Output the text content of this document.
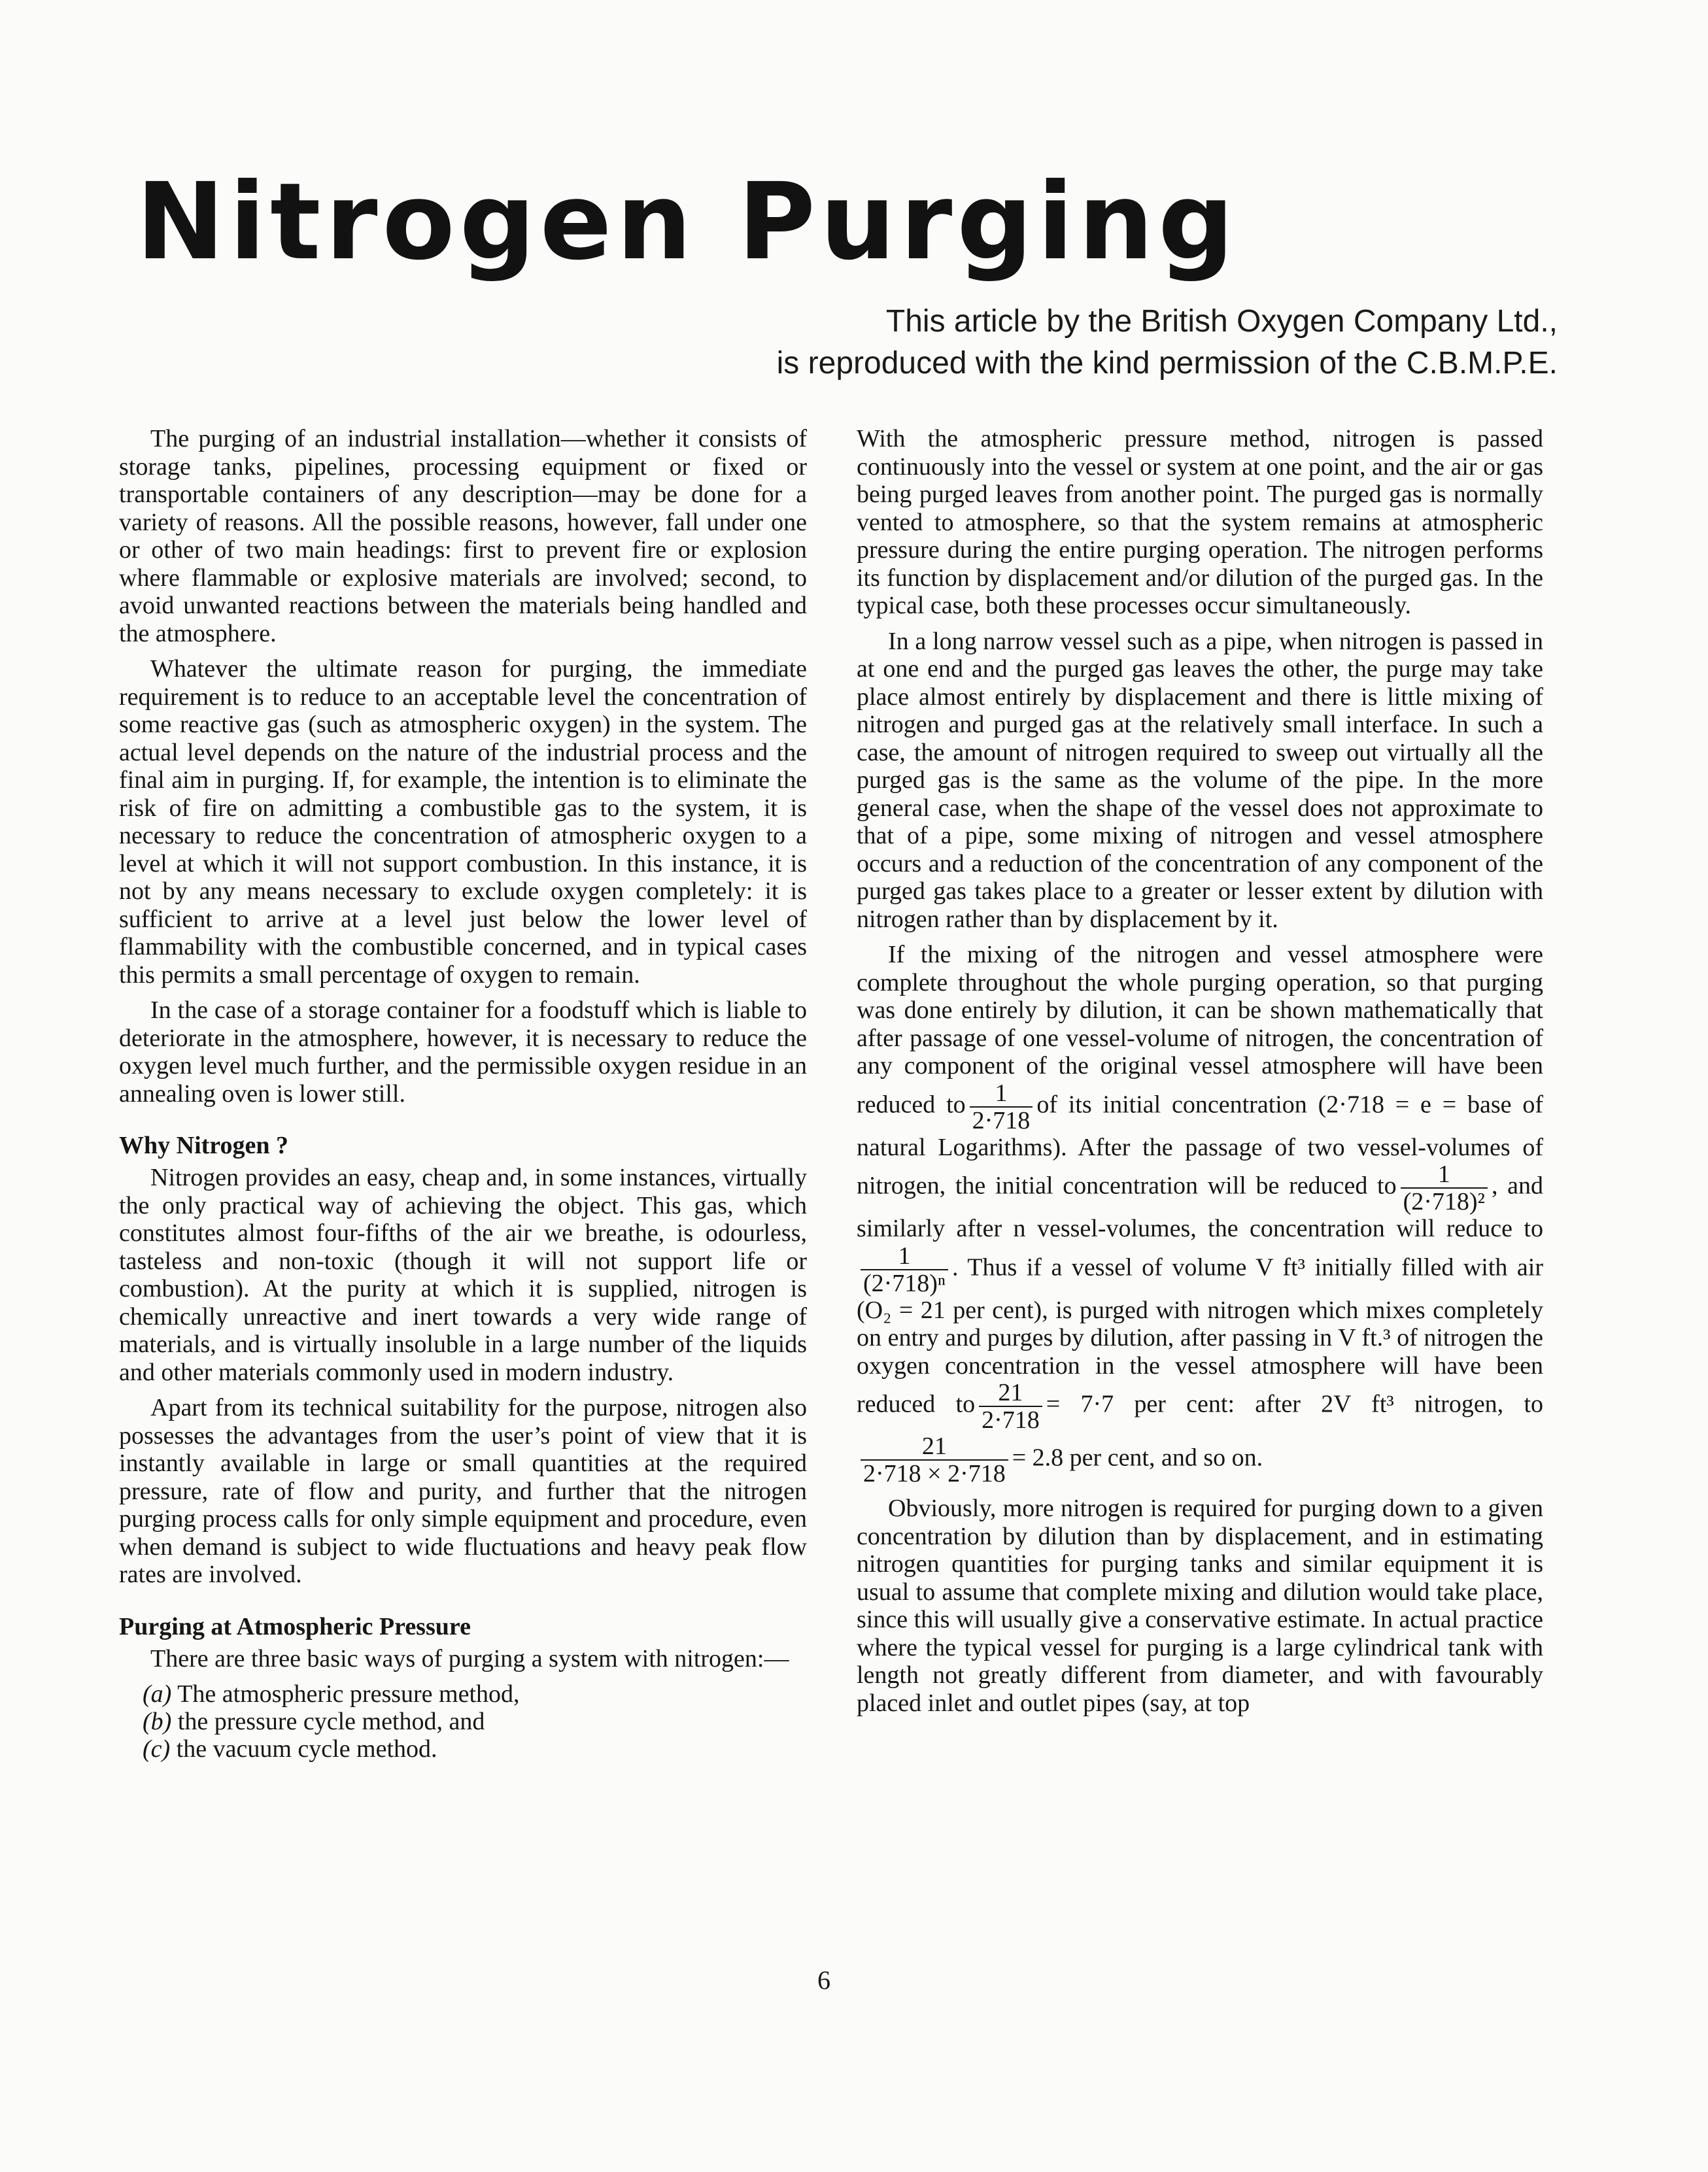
Nitrogen Purging
This article by the British Oxygen Company Ltd.,
is reproduced with the kind permission of the C.B.M.P.E.

The purging of an industrial installation—whether it consists of storage tanks, pipelines, processing equipment or fixed or transportable containers of any description—may be done for a variety of reasons. All the possible reasons, however, fall under one or other of two main headings: first to prevent fire or explosion where flammable or explosive materials are involved; second, to avoid unwanted reactions between the materials being handled and the atmosphere.

Whatever the ultimate reason for purging, the immediate requirement is to reduce to an acceptable level the concentration of some reactive gas (such as atmospheric oxygen) in the system. The actual level depends on the nature of the industrial process and the final aim in purging. If, for example, the intention is to eliminate the risk of fire on admitting a combustible gas to the system, it is necessary to reduce the concentration of atmospheric oxygen to a level at which it will not support combustion. In this instance, it is not by any means necessary to exclude oxygen completely: it is sufficient to arrive at a level just below the lower level of flammability with the combustible concerned, and in typical cases this permits a small percentage of oxygen to remain.

In the case of a storage container for a foodstuff which is liable to deteriorate in the atmosphere, however, it is necessary to reduce the oxygen level much further, and the permissible oxygen residue in an annealing oven is lower still.

Why Nitrogen ?

Nitrogen provides an easy, cheap and, in some instances, virtually the only practical way of achieving the object. This gas, which constitutes almost four-fifths of the air we breathe, is odourless, tasteless and non-toxic (though it will not support life or combustion). At the purity at which it is supplied, nitrogen is chemically unreactive and inert towards a very wide range of materials, and is virtually insoluble in a large number of the liquids and other materials commonly used in modern industry.

Apart from its technical suitability for the purpose, nitrogen also possesses the advantages from the user’s point of view that it is instantly available in large or small quantities at the required pressure, rate of flow and purity, and further that the nitrogen purging process calls for only simple equipment and procedure, even when demand is subject to wide fluctuations and heavy peak flow rates are involved.

Purging at Atmospheric Pressure

There are three basic ways of purging a system with nitrogen:—

(a) The atmospheric pressure method,
(b) the pressure cycle method, and
(c) the vacuum cycle method.

With the atmospheric pressure method, nitrogen is passed continuously into the vessel or system at one point, and the air or gas being purged leaves from another point. The purged gas is normally vented to atmosphere, so that the system remains at atmospheric pressure during the entire purging operation. The nitrogen performs its function by displacement and/or dilution of the purged gas. In the typical case, both these processes occur simultaneously.

In a long narrow vessel such as a pipe, when nitrogen is passed in at one end and the purged gas leaves the other, the purge may take place almost entirely by displacement and there is little mixing of nitrogen and purged gas at the relatively small interface. In such a case, the amount of nitrogen required to sweep out virtually all the purged gas is the same as the volume of the pipe. In the more general case, when the shape of the vessel does not approximate to that of a pipe, some mixing of nitrogen and vessel atmosphere occurs and a reduction of the concentration of any component of the purged gas takes place to a greater or lesser extent by dilution with nitrogen rather than by displacement by it.

If the mixing of the nitrogen and vessel atmosphere were complete throughout the whole purging operation, so that purging was done entirely by dilution, it can be shown mathematically that after passage of one vessel-volume of nitrogen, the concentration of any component of the original vessel atmosphere will have been reduced to $\frac{1}{2\cdot 718}$ of its initial concentration (2·718 = e = base of natural Logarithms). After the passage of two vessel-volumes of nitrogen, the initial concentration will be reduced to $\frac{1}{\text{(2·718)²}}$ , and similarly after n vessel-volumes, the concentration will reduce to
$\frac{1}{\text{(2·718)ⁿ}}$ . Thus if a vessel of volume V ft³ initially filled with air (O₂ = 21 per cent), is purged with nitrogen which mixes completely on entry and purges by dilution, after passing in V ft.³ of nitrogen the oxygen concentration in the vessel atmosphere will have been reduced to $\frac{21}{2\cdot 718} = 7\cdot 7$ per cent: after 2V ft³ nitrogen, to
$\frac{21}{2\cdot 718 \times 2\cdot 718} = 2.8$ per cent, and so on.

Obviously, more nitrogen is required for purging down to a given concentration by dilution than by displacement, and in estimating nitrogen quantities for purging tanks and similar equipment it is usual to assume that complete mixing and dilution would take place, since this will usually give a conservative estimate. In actual practice where the typical vessel for purging is a large cylindrical tank with length not greatly different from diameter, and with favourably placed inlet and outlet pipes (say, at top

6
